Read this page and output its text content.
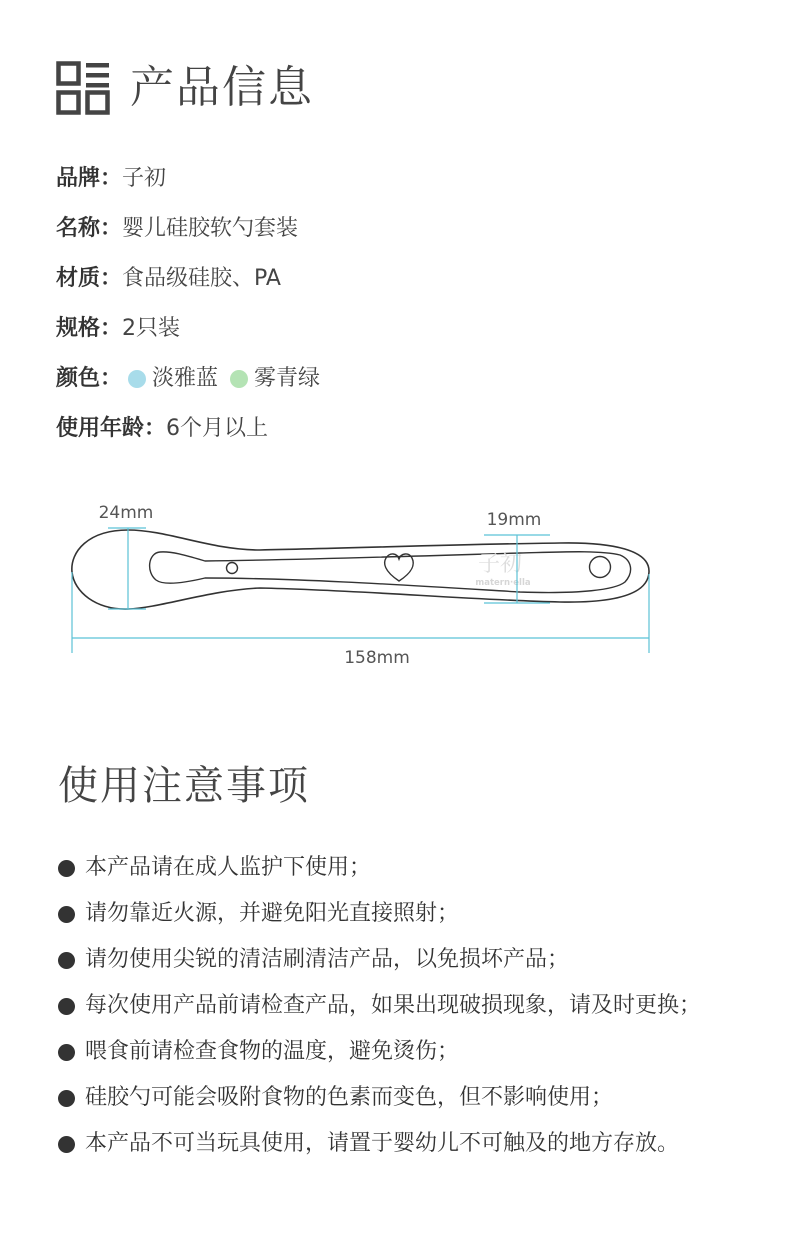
产品信息
品牌： 子初
名称： 婴儿硅胶软勺套装
材质： 食品级硅胶、PA
规格： 2只装
颜色： 淡雅蓝 雾青绿
使用年龄： 6个月以上
子初
matern·ella
24mm	19mm
158mm
使用注意事项
本产品请在成人监护下使用；
请勿靠近火源，并避免阳光直接照射；
请勿使用尖锐的清洁刷清洁产品，以免损坏产品；
每次使用产品前请检查产品，如果出现破损现象，请及时更换；
喂食前请检查食物的温度，避免烫伤；
硅胶勺可能会吸附食物的色素而变色，但不影响使用；
本产品不可当玩具使用，请置于婴幼儿不可触及的地方存放。
